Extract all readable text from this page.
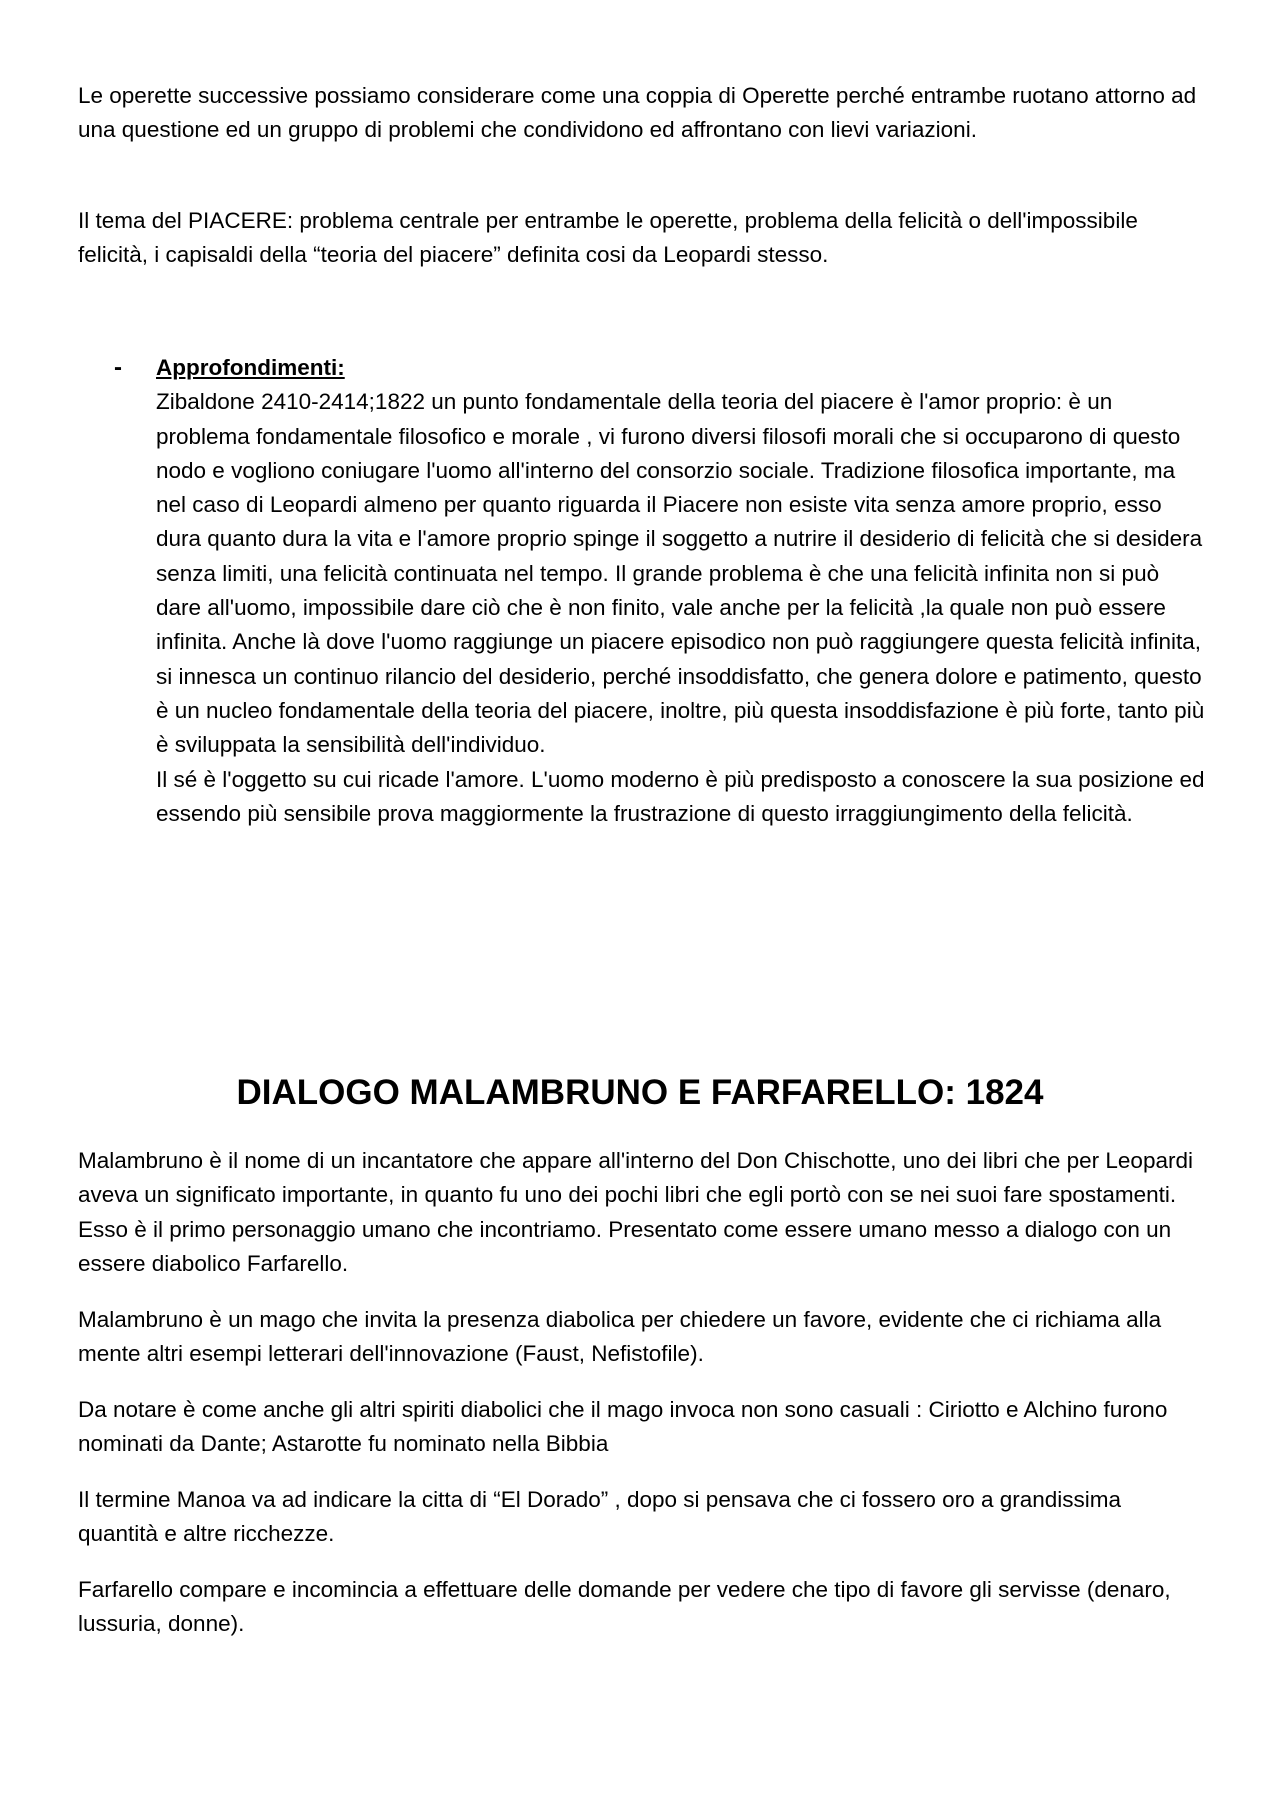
Le operette successive possiamo considerare come una coppia di Operette perché entrambe ruotano attorno ad una questione ed un gruppo di problemi che condividono ed affrontano con lievi variazioni.

Il tema del PIACERE: problema centrale per entrambe le operette, problema della felicità o dell'impossibile felicità, i capisaldi della “teoria del piacere” definita cosi da Leopardi stesso.

- Approfondimenti:

Zibaldone 2410-2414;1822 un punto fondamentale della teoria del piacere è l'amor proprio: è un problema fondamentale filosofico e morale , vi furono diversi filosofi morali che si occuparono di questo nodo e vogliono coniugare l'uomo all'interno del consorzio sociale. Tradizione filosofica importante, ma nel caso di Leopardi almeno per quanto riguarda il Piacere non esiste vita senza amore proprio, esso dura quanto dura la vita e l'amore proprio spinge il soggetto a nutrire il desiderio di felicità che si desidera senza limiti, una felicità continuata nel tempo. Il grande problema è che una felicità infinita non si può dare all'uomo, impossibile dare ciò che è non finito, vale anche per la felicità ,la quale non può essere infinita. Anche là dove l'uomo raggiunge un piacere episodico non può raggiungere questa felicità infinita, si innesca un continuo rilancio del desiderio, perché insoddisfatto, che genera dolore e patimento, questo è un nucleo fondamentale della teoria del piacere, inoltre, più questa insoddisfazione è più forte, tanto più è sviluppata la sensibilità dell'individuo.

Il sé è l'oggetto su cui ricade l'amore. L'uomo moderno è più predisposto a conoscere la sua posizione ed essendo più sensibile prova maggiormente la frustrazione di questo irraggiungimento della felicità.

DIALOGO MALAMBRUNO E FARFARELLO: 1824

Malambruno è il nome di un incantatore che appare all'interno del Don Chischotte, uno dei libri che per Leopardi aveva un significato importante, in quanto fu uno dei pochi libri che egli portò con se nei suoi fare spostamenti. Esso è il primo personaggio umano che incontriamo. Presentato come essere umano messo a dialogo con un essere diabolico Farfarello.

Malambruno è un mago che invita la presenza diabolica per chiedere un favore, evidente che ci richiama alla mente altri esempi letterari dell'innovazione (Faust, Nefistofile).

Da notare è come anche gli altri spiriti diabolici che il mago invoca non sono casuali : Ciriotto e Alchino furono nominati da Dante; Astarotte fu nominato nella Bibbia

Il termine Manoa va ad indicare la citta di “El Dorado” , dopo si pensava che ci fossero oro a grandissima quantità e altre ricchezze.

Farfarello compare e incomincia a effettuare delle domande per vedere che tipo di favore gli servisse (denaro, lussuria, donne).
